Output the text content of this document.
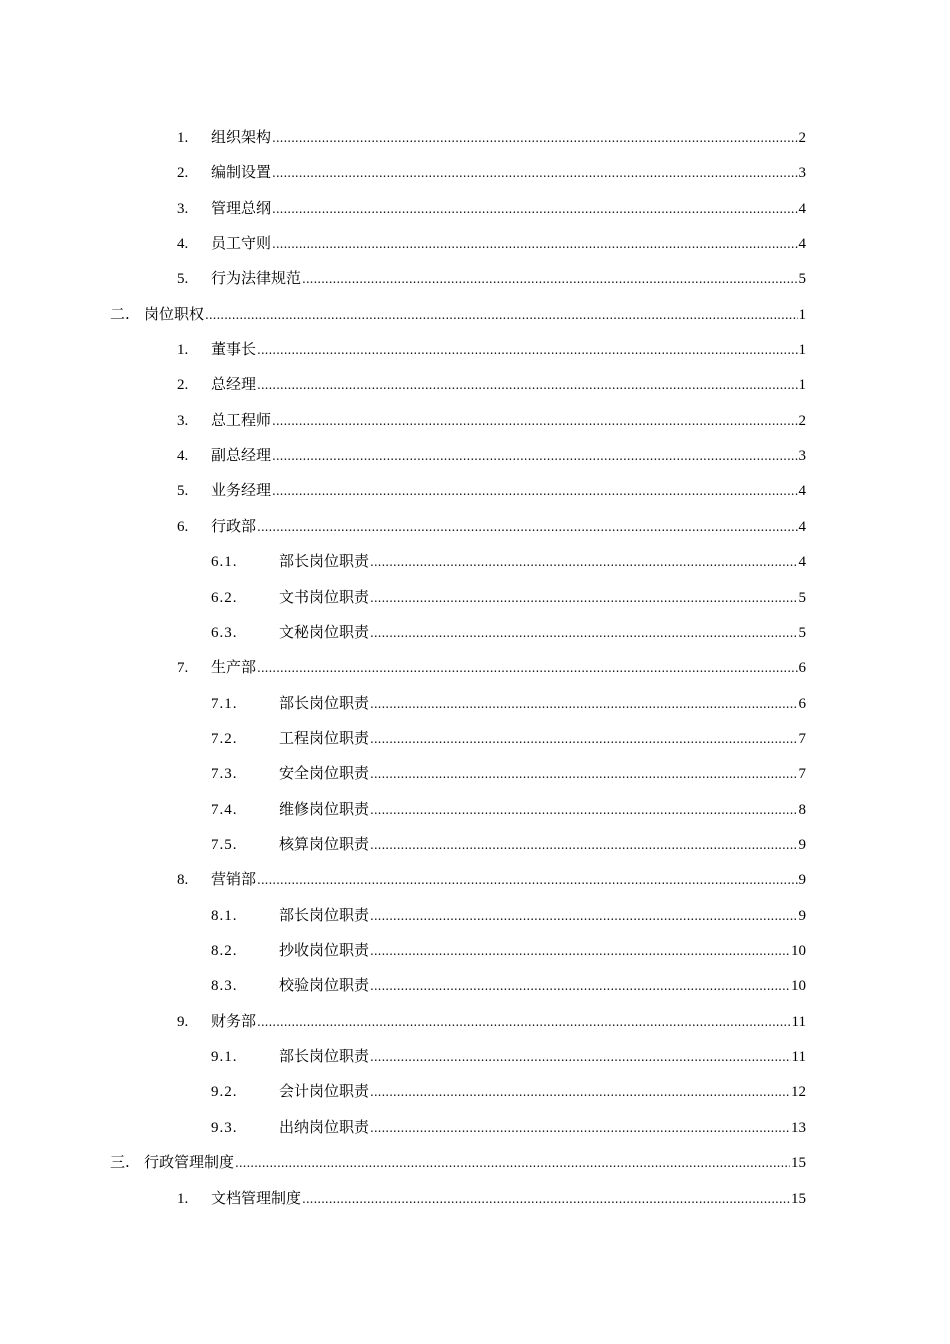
1.	组织架构 .....	2
2.	编制设置 .....	3
3.	管理总纲 .....	4
4.	员工守则 .....	4
5.	行为法律规范 .....	5
二. 岗位职权 .....	1
1.	董事长 .....	1
2.	总经理 .....	1
3.	总工程师 .....	2
4.	副总经理 .....	3
5.	业务经理 .....	4
6.	行政部 .....	4
6.1.	部长岗位职责 .....	4
6.2.	文书岗位职责 .....	5
6.3.	文秘岗位职责 .....	5
7.	生产部 .....	6
7.1.	部长岗位职责 .....	6
7.2.	工程岗位职责 .....	7
7.3.	安全岗位职责 .....	7
7.4.	维修岗位职责 .....	8
7.5.	核算岗位职责 .....	9
8.	营销部 .....	9
8.1.	部长岗位职责 .....	9
8.2.	抄收岗位职责 .....	10
8.3.	校验岗位职责 .....	10
9.	财务部 .....	11
9.1.	部长岗位职责 .....	11
9.2.	会计岗位职责 .....	12
9.3.	出纳岗位职责 .....	13
三. 行政管理制度 .....	15
1.	文档管理制度 .....	15
